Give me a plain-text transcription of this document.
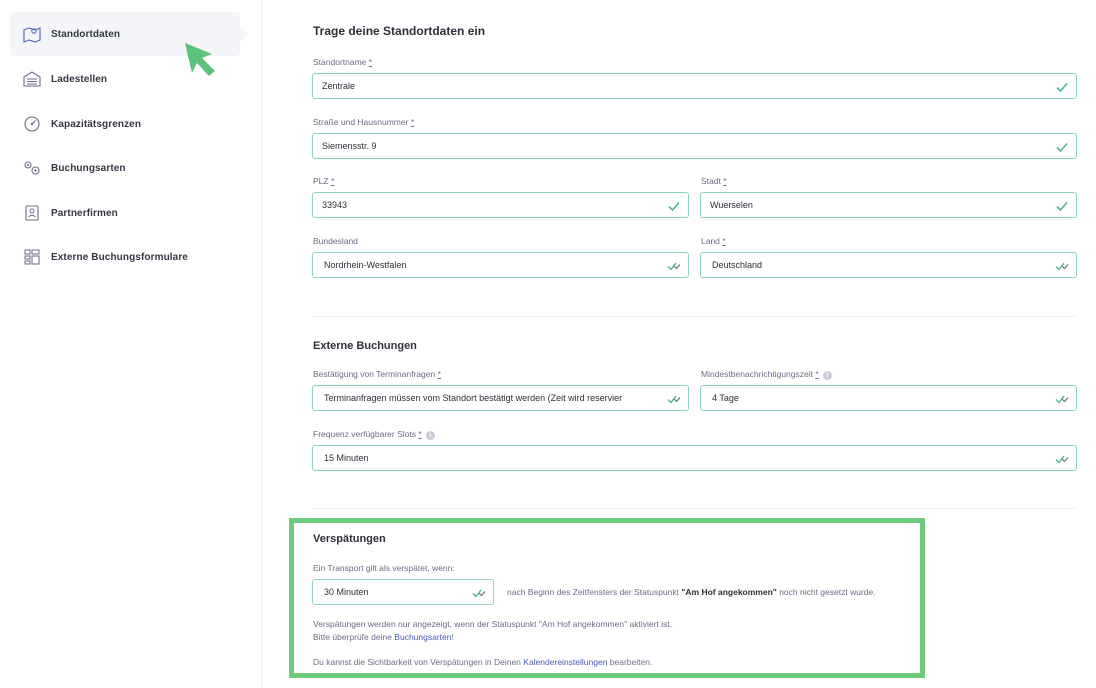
Standortdaten
Ladestellen
Kapazitätsgrenzen
Buchungsarten
Partnerfirmen
Externe Buchungsformulare
Trage deine Standortdaten ein
Standortname *
Zentrale
Straße und Hausnummer *
Siemensstr. 9
PLZ *
33943
Stadt *
Wuerselen
Bundesland
Nordrhein-Westfalen
Land *
Deutschland
Externe Buchungen
Bestätigung von Terminanfragen *
Terminanfragen müssen vom Standort bestätigt werden (Zeit wird reservier
Mindestbenachrichtigungszeit * i
4 Tage
Frequenz verfügbarer Slots * i
15 Minuten
Verspätungen
Ein Transport gilt als verspätet, wenn:
30 Minuten	nach Beginn des Zeitfensters der Statuspunkt "Am Hof angekommen" noch nicht gesetzt wurde.
Verspätungen werden nur angezeigt, wenn der Statuspunkt "Am Hof angekommen" aktiviert ist.
Bitte überprüfe deine Buchungsarten!
Du kannst die Sichtbarkeit von Verspätungen in Deinen Kalendereinstellungen bearbeiten.
